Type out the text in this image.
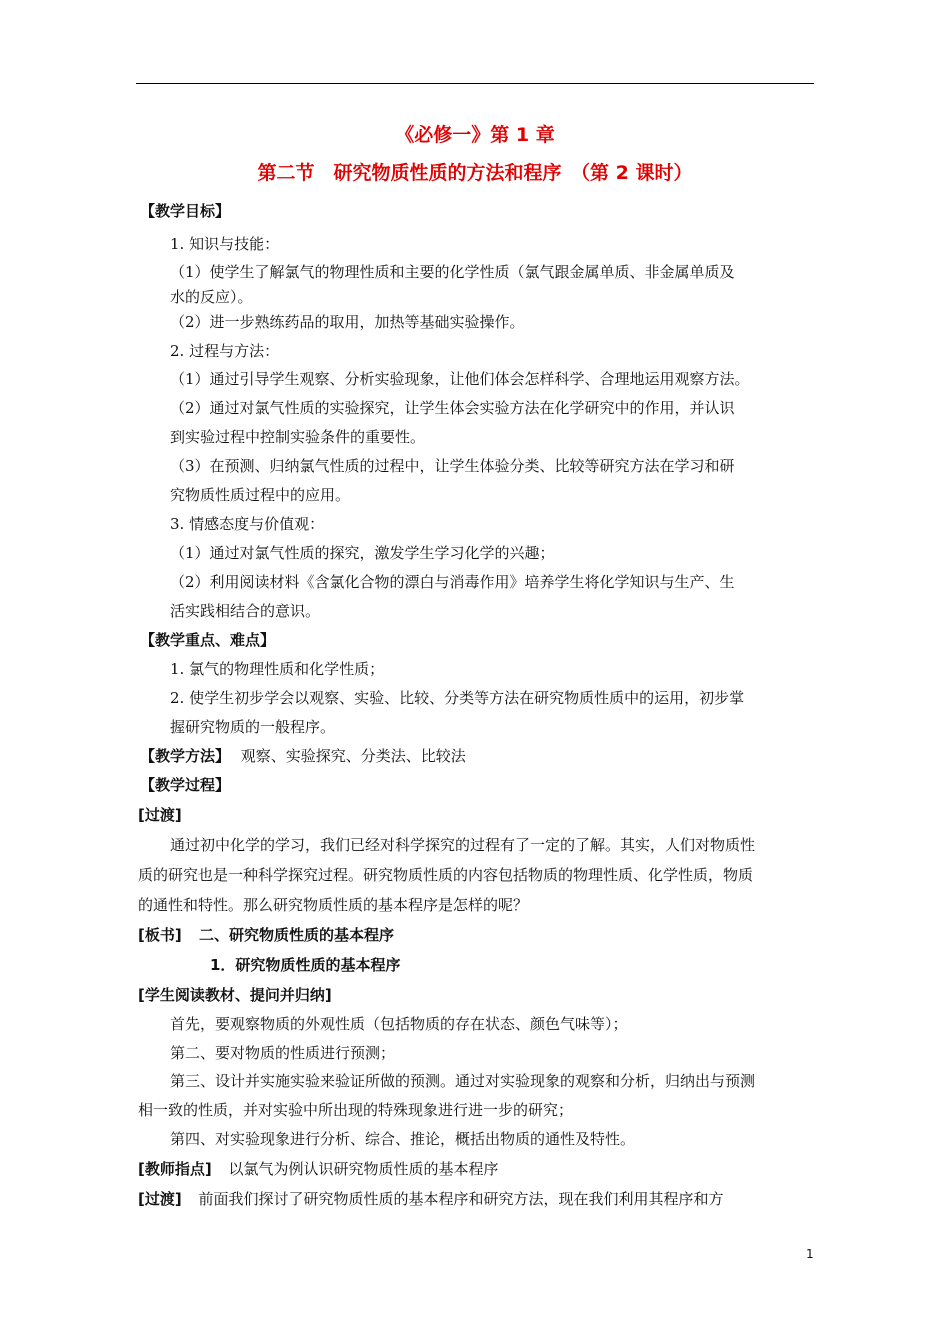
《必修一》第 1 章
第二节　研究物质性质的方法和程序　（第 2 课时）
【教学目标】
1. 知识与技能：
（1）使学生了解氯气的物理性质和主要的化学性质（氯气跟金属单质、非金属单质及
水的反应）。
（2）进一步熟练药品的取用，加热等基础实验操作。
2. 过程与方法：
（1）通过引导学生观察、分析实验现象，让他们体会怎样科学、合理地运用观察方法。
（2）通过对氯气性质的实验探究，让学生体会实验方法在化学研究中的作用，并认识
到实验过程中控制实验条件的重要性。
（3）在预测、归纳氯气性质的过程中，让学生体验分类、比较等研究方法在学习和研
究物质性质过程中的应用。
3. 情感态度与价值观：
（1）通过对氯气性质的探究，激发学生学习化学的兴趣；
（2）利用阅读材料《含氯化合物的漂白与消毒作用》培养学生将化学知识与生产、生
活实践相结合的意识。
【教学重点、难点】
1. 氯气的物理性质和化学性质；
2. 使学生初步学会以观察、实验、比较、分类等方法在研究物质性质中的运用，初步掌
握研究物质的一般程序。
【教学方法】 观察、实验探究、分类法、比较法
【教学过程】
[过渡]
通过初中化学的学习，我们已经对科学探究的过程有了一定的了解。其实，人们对物质性
质的研究也是一种科学探究过程。研究物质性质的内容包括物质的物理性质、化学性质，物质
的通性和特性。那么研究物质性质的基本程序是怎样的呢？
[板书] 二、研究物质性质的基本程序
1．研究物质性质的基本程序
[学生阅读教材、提问并归纳]
首先，要观察物质的外观性质（包括物质的存在状态、颜色气味等）；
第二、要对物质的性质进行预测；
第三、设计并实施实验来验证所做的预测。通过对实验现象的观察和分析，归纳出与预测
相一致的性质，并对实验中所出现的特殊现象进行进一步的研究；
第四、对实验现象进行分析、综合、推论，概括出物质的通性及特性。
[教师指点] 以氯气为例认识研究物质性质的基本程序
[过渡] 前面我们探讨了研究物质性质的基本程序和研究方法，现在我们利用其程序和方
1
